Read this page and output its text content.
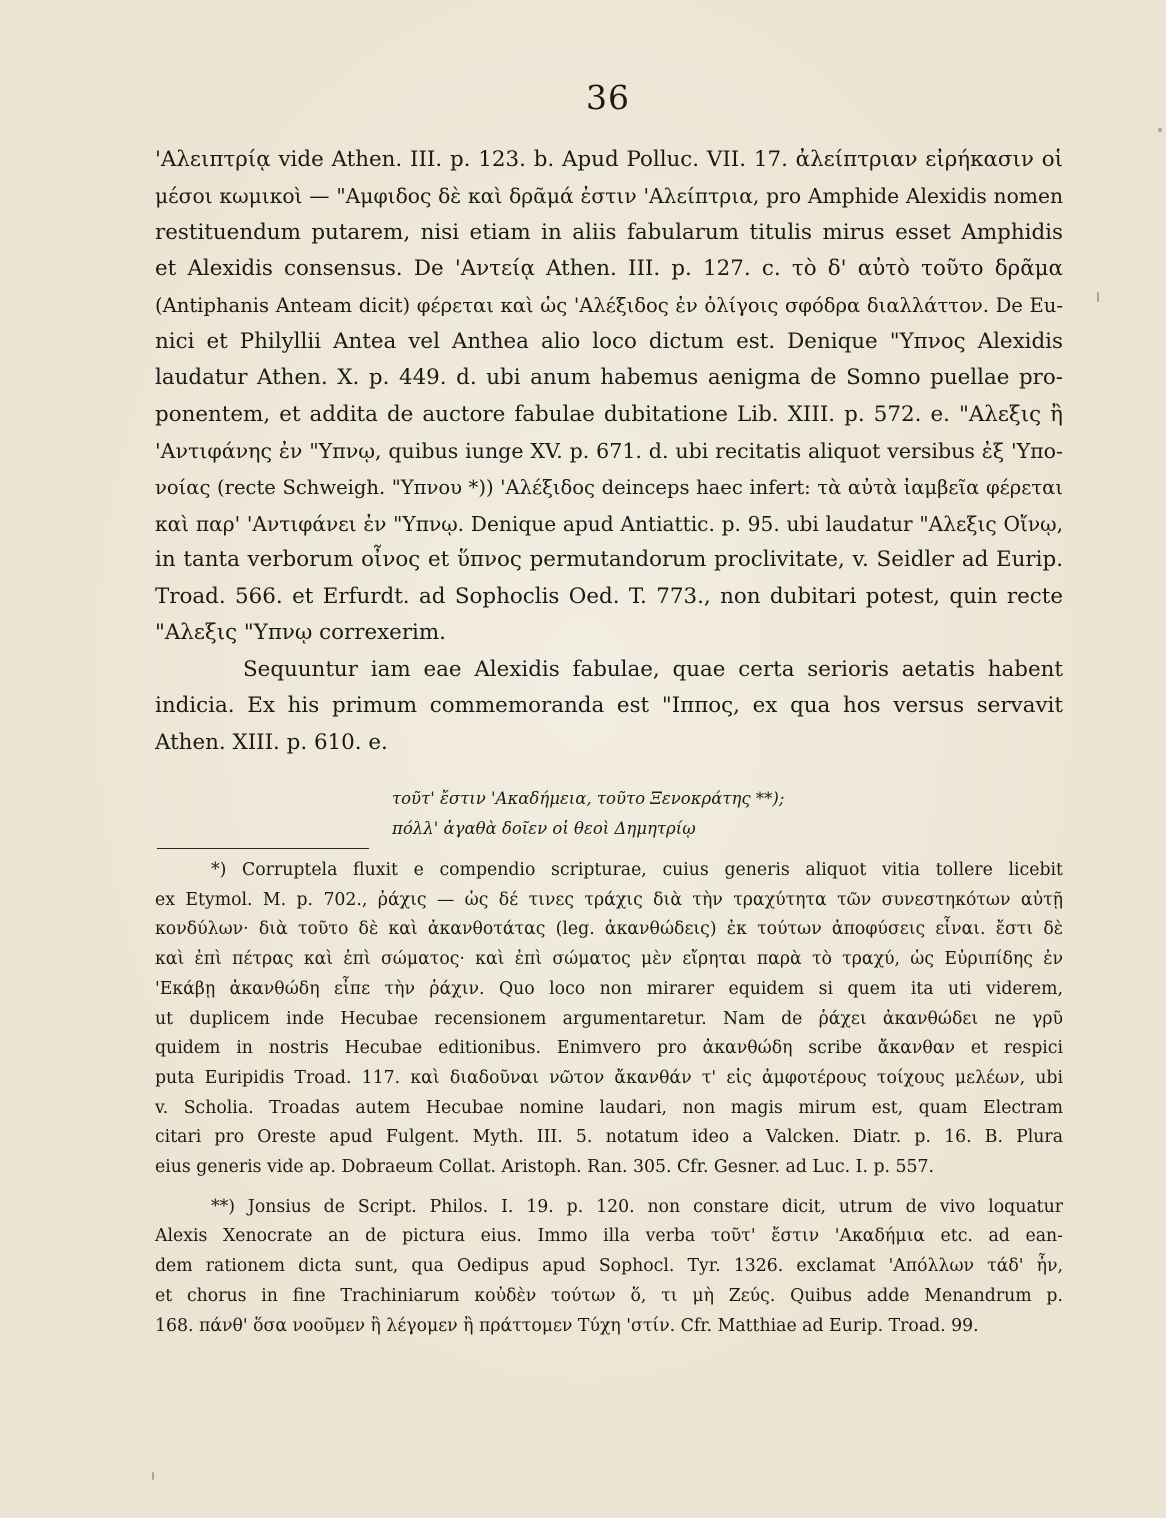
36

'Αλειπτρίᾳ vide Athen. III. p. 123. b. Apud Polluc. VII. 17. ἀλείπτριαν εἰρήκασιν οἱ
μέσοι κωμικοὶ — "Αμφιδος δὲ καὶ δρᾶμά ἐστιν 'Αλείπτρια, pro Amphide Alexidis nomen
restituendum putarem, nisi etiam in aliis fabularum titulis mirus esset Amphidis
et Alexidis consensus. De 'Αντείᾳ Athen. III. p. 127. c. τὸ δ' αὐτὸ τοῦτο δρᾶμα
(Antiphanis Anteam dicit) φέρεται καὶ ὡς 'Αλέξιδος ἐν ὀλίγοις σφόδρα διαλλάττον. De Eu-
nici et Philyllii Antea vel Anthea alio loco dictum est. Denique "Υπνος Alexidis
laudatur Athen. X. p. 449. d. ubi anum habemus aenigma de Somno puellae pro-
ponentem, et addita de auctore fabulae dubitatione Lib. XIII. p. 572. e. "Αλεξις ἢ
'Αντιφάνης ἐν "Υπνῳ, quibus iunge XV. p. 671. d. ubi recitatis aliquot versibus ἐξ 'Υπο-
νοίας (recte Schweigh. "Υπνου *)) 'Αλέξιδος deinceps haec infert: τὰ αὐτὰ ἰαμβεῖα φέρεται
καὶ παρ' 'Αντιφάνει ἐν "Υπνῳ. Denique apud Antiattic. p. 95. ubi laudatur "Αλεξις Οἴνῳ,
in tanta verborum οἶνος et ὕπνος permutandorum proclivitate, v. Seidler ad Eurip.
Troad. 566. et Erfurdt. ad Sophoclis Oed. T. 773., non dubitari potest, quin recte
"Αλεξις "Υπνῳ correxerim.

Sequuntur iam eae Alexidis fabulae, quae certa serioris aetatis habent
indicia. Ex his primum commemoranda est "Ιππος, ex qua hos versus servavit
Athen. XIII. p. 610. e.

τοῦτ' ἔστιν 'Ακαδήμεια, τοῦτο Ξενοκράτης **);
πόλλ' ἀγαθὰ δοῖεν οἱ θεοὶ Δημητρίῳ

*) Corruptela fluxit e compendio scripturae, cuius generis aliquot vitia tollere licebit
ex Etymol. M. p. 702., ῥάχις — ὡς δέ τινες τράχις διὰ τὴν τραχύτητα τῶν συνεστηκότων αὐτῇ
κονδύλων· διὰ τοῦτο δὲ καὶ ἀκανθοτάτας (leg. ἀκανθώδεις) ἐκ τούτων ἀποφύσεις εἶναι. ἔστι δὲ
καὶ ἐπὶ πέτρας καὶ ἐπὶ σώματος· καὶ ἐπὶ σώματος μὲν εἴρηται παρὰ τὸ τραχύ, ὡς Εὐριπίδης ἐν
'Εκάβῃ ἀκανθώδη εἶπε τὴν ῥάχιν. Quo loco non mirarer equidem si quem ita uti viderem,
ut duplicem inde Hecubae recensionem argumentaretur. Nam de ῥάχει ἀκανθώδει ne γρῦ
quidem in nostris Hecubae editionibus. Enimvero pro ἀκανθώδη scribe ἄκανθαν et respici
puta Euripidis Troad. 117. καὶ διαδοῦναι νῶτον ἄκανθάν τ' εἰς ἀμφοτέρους τοίχους μελέων, ubi
v. Scholia. Troadas autem Hecubae nomine laudari, non magis mirum est, quam Electram
citari pro Oreste apud Fulgent. Myth. III. 5. notatum ideo a Valcken. Diatr. p. 16. B. Plura
eius generis vide ap. Dobraeum Collat. Aristoph. Ran. 305. Cfr. Gesner. ad Luc. I. p. 557.

**) Jonsius de Script. Philos. I. 19. p. 120. non constare dicit, utrum de vivo loquatur
Alexis Xenocrate an de pictura eius. Immo illa verba τοῦτ' ἔστιν 'Ακαδήμια etc. ad ean-
dem rationem dicta sunt, qua Oedipus apud Sophocl. Tyr. 1326. exclamat 'Απόλλων τάδ' ἦν,
et chorus in fine Trachiniarum κοὐδὲν τούτων ὅ, τι μὴ Ζεύς. Quibus adde Menandrum p.
168. πάνθ' ὅσα νοοῦμεν ἢ λέγομεν ἢ πράττομεν Τύχη 'στίν. Cfr. Matthiae ad Eurip. Troad. 99.
